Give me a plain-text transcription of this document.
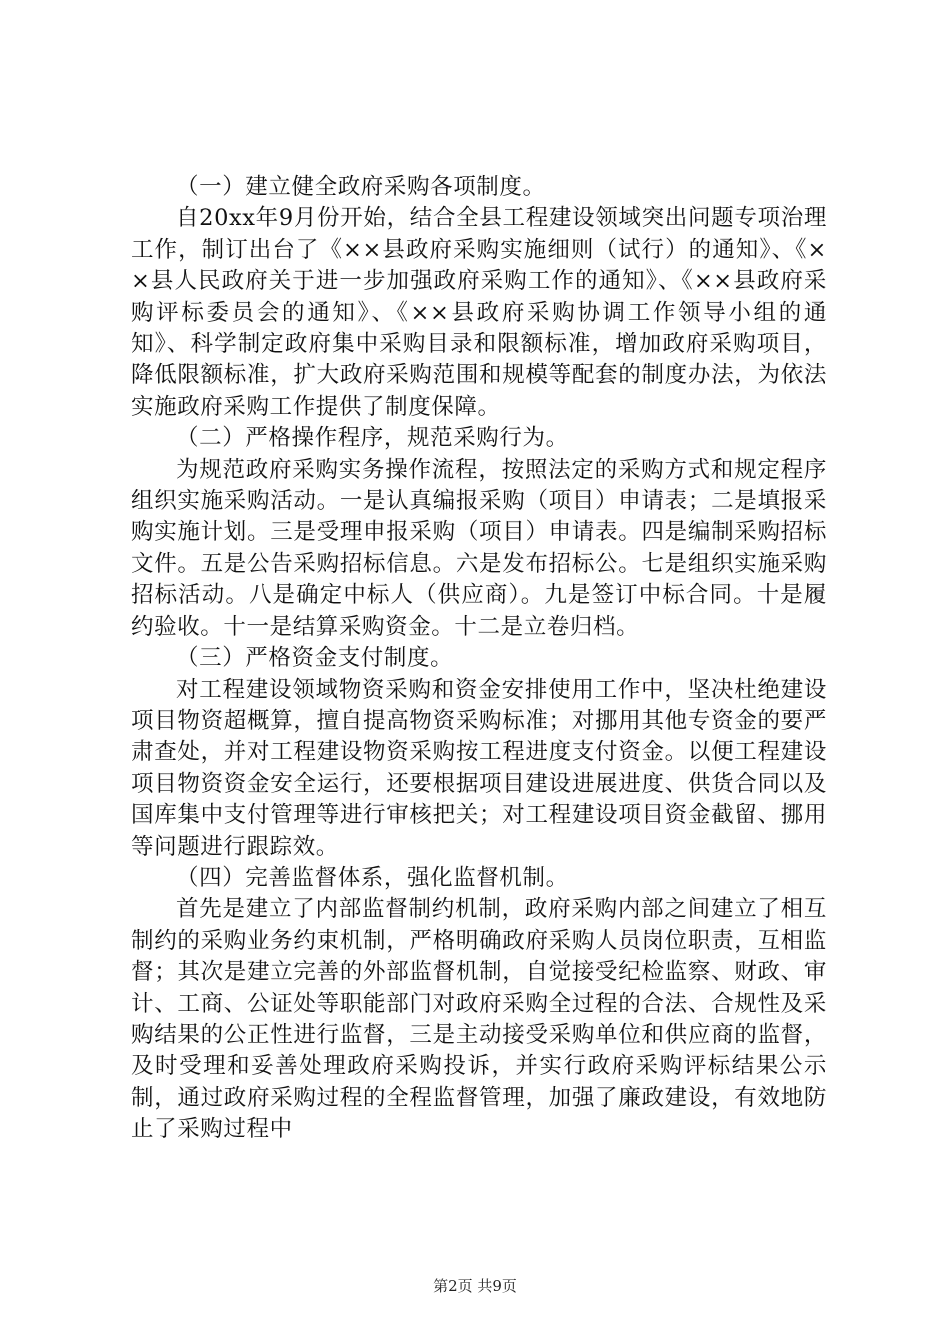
（一）建立健全政府采购各项制度。

自20xx年9月份开始，结合全县工程建设领域突出问题专项治理工作，制订出台了《××县政府采购实施细则（试行）的通知》、《××县人民政府关于进一步加强政府采购工作的通知》、《××县政府采购评标委员会的通知》、《××县政府采购协调工作领导小组的通知》、科学制定政府集中采购目录和限额标准，增加政府采购项目，降低限额标准，扩大政府采购范围和规模等配套的制度办法，为依法实施政府采购工作提供了制度保障。

（二）严格操作程序，规范采购行为。

为规范政府采购实务操作流程，按照法定的采购方式和规定程序组织实施采购活动。一是认真编报采购（项目）申请表；二是填报采购实施计划。三是受理申报采购（项目）申请表。四是编制采购招标文件。五是公告采购招标信息。六是发布招标公。七是组织实施采购招标活动。八是确定中标人（供应商）。九是签订中标合同。十是履约验收。十一是结算采购资金。十二是立卷归档。

（三）严格资金支付制度。

对工程建设领域物资采购和资金安排使用工作中，坚决杜绝建设项目物资超概算，擅自提高物资采购标准；对挪用其他专资金的要严肃查处，并对工程建设物资采购按工程进度支付资金。以便工程建设项目物资资金安全运行，还要根据项目建设进展进度、供货合同以及国库集中支付管理等进行审核把关；对工程建设项目资金截留、挪用等问题进行跟踪效。

（四）完善监督体系，强化监督机制。

首先是建立了内部监督制约机制，政府采购内部之间建立了相互制约的采购业务约束机制，严格明确政府采购人员岗位职责，互相监督；其次是建立完善的外部监督机制，自觉接受纪检监察、财政、审计、工商、公证处等职能部门对政府采购全过程的合法、合规性及采购结果的公正性进行监督，三是主动接受采购单位和供应商的监督，及时受理和妥善处理政府采购投诉，并实行政府采购评标结果公示制，通过政府采购过程的全程监督管理，加强了廉政建设，有效地防止了采购过程中

第2页 共9页
